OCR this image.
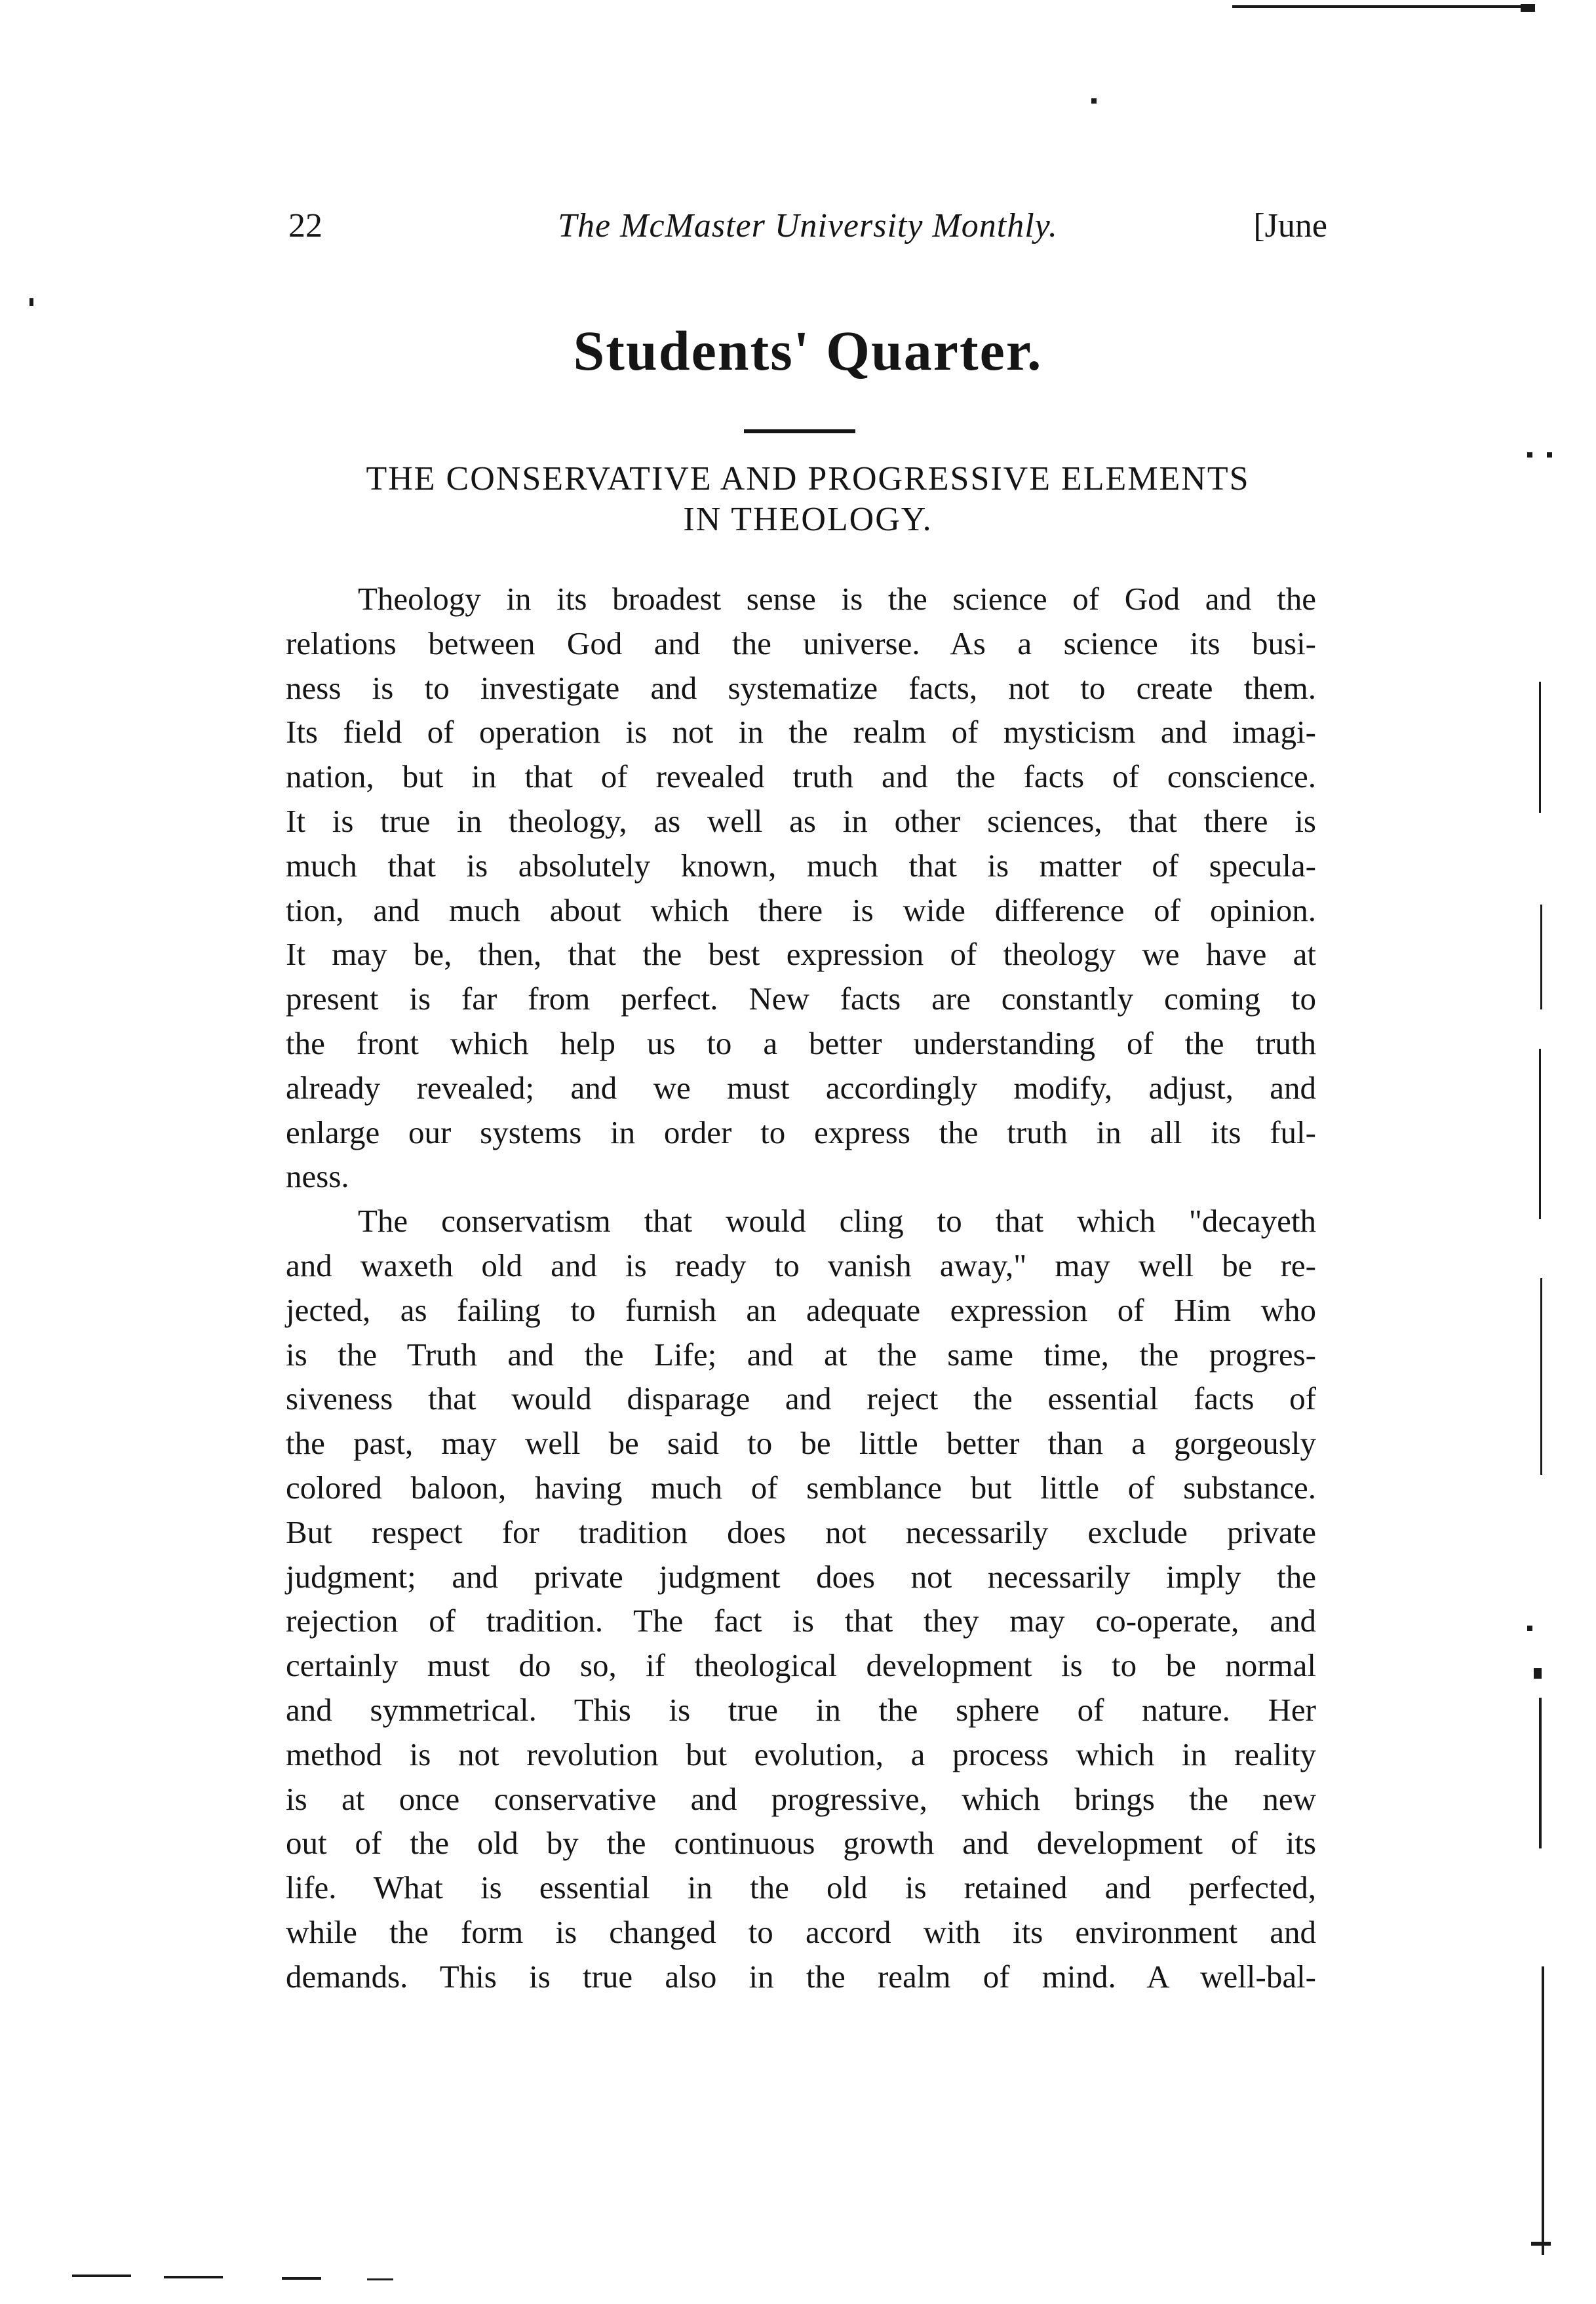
22	The McMaster University Monthly.	[June
Students' Quarter.
THE CONSERVATIVE AND PROGRESSIVE ELEMENTS
IN THEOLOGY.
Theology in its broadest sense is the science of God and the
relations between God and the universe. As a science its busi-
ness is to investigate and systematize facts, not to create them.
Its field of operation is not in the realm of mysticism and imagi-
nation, but in that of revealed truth and the facts of conscience.
It is true in theology, as well as in other sciences, that there is
much that is absolutely known, much that is matter of specula-
tion, and much about which there is wide difference of opinion.
It may be, then, that the best expression of theology we have at
present is far from perfect. New facts are constantly coming to
the front which help us to a better understanding of the truth
already revealed; and we must accordingly modify, adjust, and
enlarge our systems in order to express the truth in all its ful-
ness.
The conservatism that would cling to that which "decayeth
and waxeth old and is ready to vanish away," may well be re-
jected, as failing to furnish an adequate expression of Him who
is the Truth and the Life; and at the same time, the progres-
siveness that would disparage and reject the essential facts of
the past, may well be said to be little better than a gorgeously
colored baloon, having much of semblance but little of substance.
But respect for tradition does not necessarily exclude private
judgment; and private judgment does not necessarily imply the
rejection of tradition. The fact is that they may co-operate, and
certainly must do so, if theological development is to be normal
and symmetrical. This is true in the sphere of nature. Her
method is not revolution but evolution, a process which in reality
is at once conservative and progressive, which brings the new
out of the old by the continuous growth and development of its
life. What is essential in the old is retained and perfected,
while the form is changed to accord with its environment and
demands. This is true also in the realm of mind. A well-bal-
